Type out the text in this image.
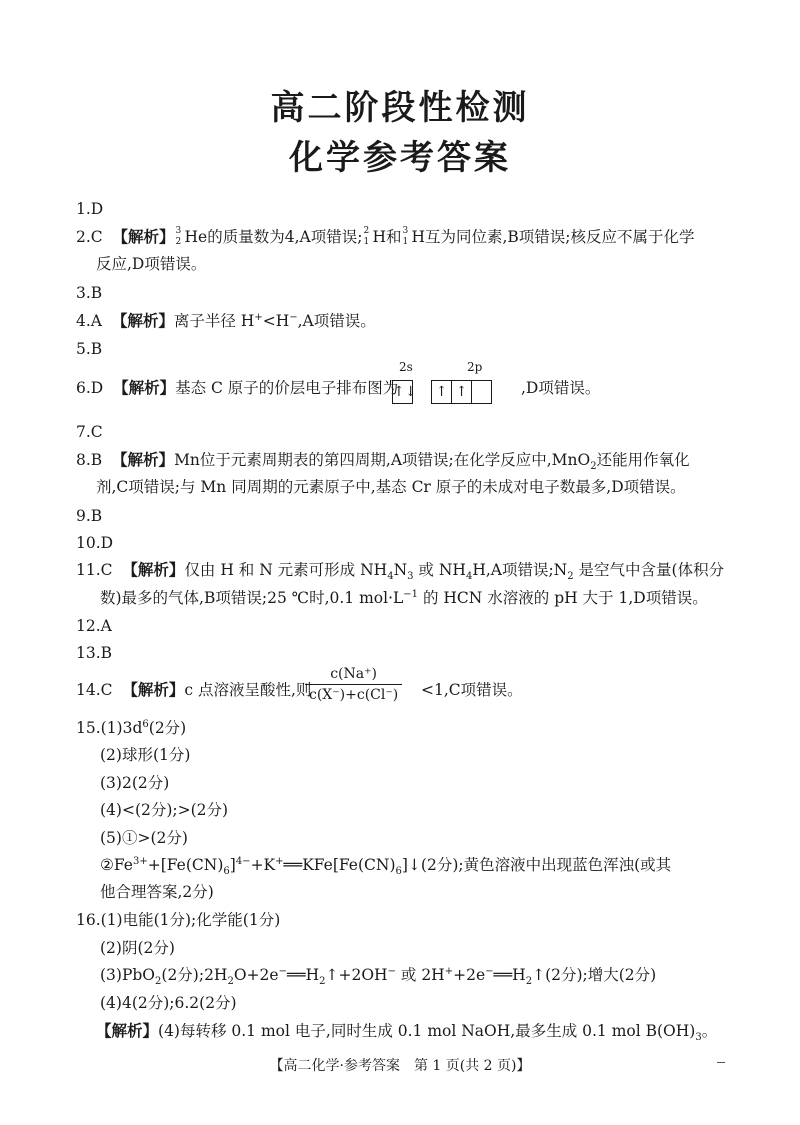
高二阶段性检测
化学参考答案

1.D

2.C 【解析】 3
2 He的质量数为4,A项错误; 2
1 H和 3
1 H互为同位素,B项错误;核反应不属于化学

反应,D项错误。

3.B

4.A 【解析】离子半径 H+<H−,A项错误。

5.B

6.D 【解析】基态 C 原子的价层电子排布图为

2s	2p
↑↓ ↑ ↑	,D项错误。

7.C

8.B 【解析】Mn位于元素周期表的第四周期,A项错误;在化学反应中,MnO$_2$还能用作氧化

剂,C项错误;与 Mn 同周期的元素原子中,基态 Cr 原子的未成对电子数最多,D项错误。

9.B

10.D

11.C 【解析】仅由 H 和 N 元素可形成 $NH_4N_3$ 或 $NH_4H,A$项错误$;N_2$ 是空气中含量(体积分

数)最多的气体,B项错误;25 ℃时,0.1 $mol\cdot L^{-1}$ 的 HCN 水溶液的 pH 大于 1,D项错误。

12.A

13.B

14.C 【解析】c 点溶液呈酸性,则

$\frac{c(Na^+)}{c(X^-)+c(Cl^-)} <1,C$项错误。

$15.(1)3d^6(2$分)

(2)球形(1分)

(3)2(2分)

(4)<(2分);>(2分)

(5)①>(2分)

$②Fe^{3+}+[Fe(CN)_6]^{4-}+K^+══KFe[Fe(CN)_6]↓(2$分);黄色溶液中出现蓝色浑浊(或其

他合理答案,2分)

16.(1)电能(1分);化学能(1分)

(2)阴(2分)

(3)PbO$_2$(2分)$;2H_2O+2e^-══H_2↑+2OH^-$ 或 $2H^++2e^-══H_2↑(2$分);增大(2分)

(4)4(2分);6.2(2分)

【解析】(4)每转移 0.1 mol 电子,同时生成 0.1 mol NaOH,最多生成 0.1 mol $B(OH)_3$。

【高二化学·参考答案　第 1 页(共 2 页)】
